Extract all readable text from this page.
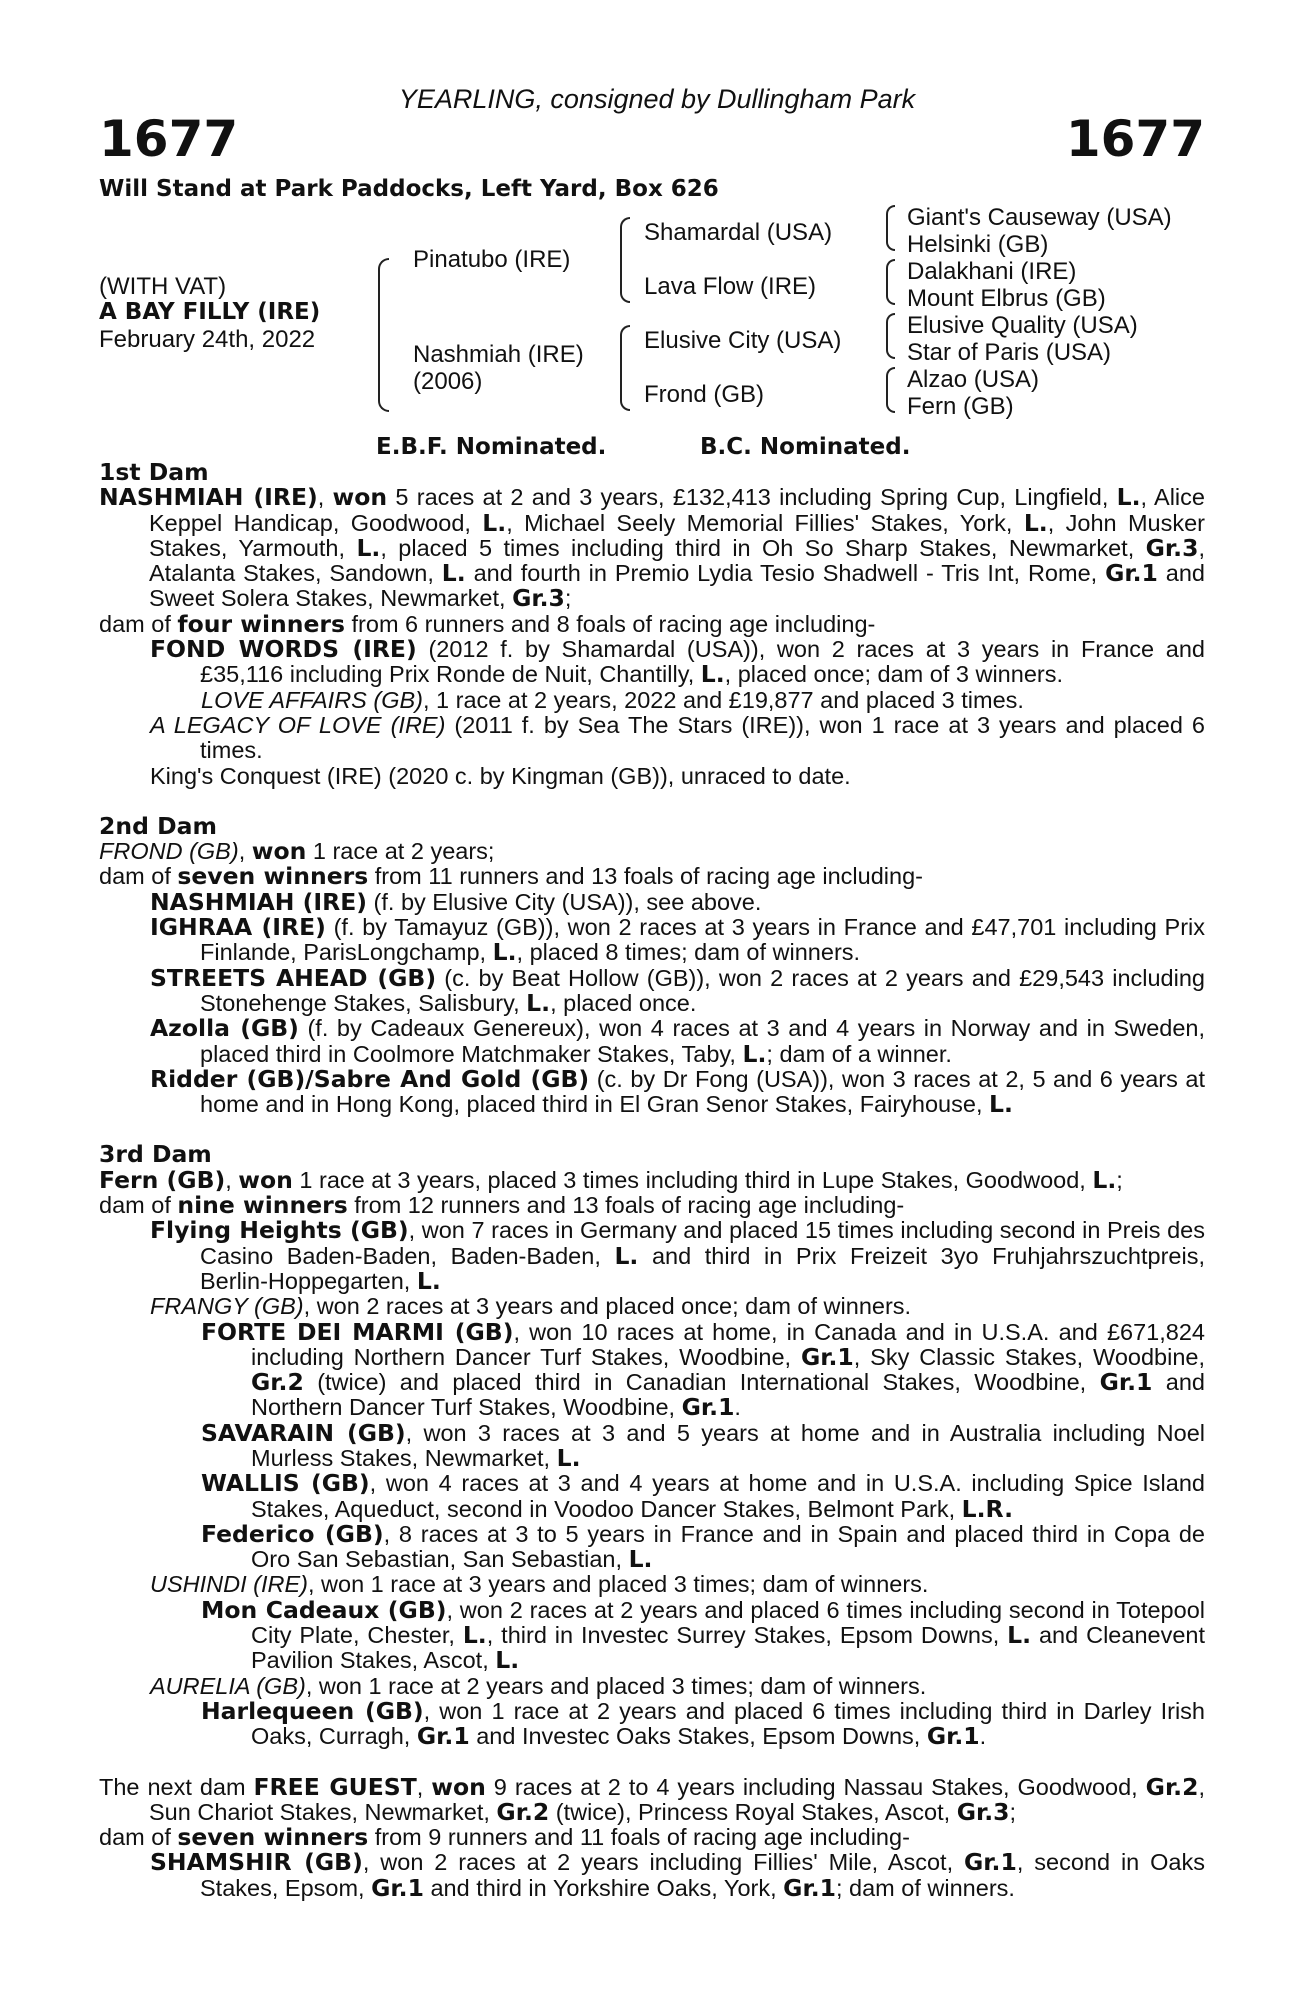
YEARLING, consigned by Dullingham Park
1677	1677
Will Stand at Park Paddocks, Left Yard, Box 626
(WITH VAT)
A BAY FILLY (IRE)
February 24th, 2022
Pinatubo (IRE)
Nashmiah (IRE)
(2006)
Shamardal (USA)
Lava Flow (IRE)
Elusive City (USA)
Frond (GB)
Giant's Causeway (USA)
Helsinki (GB)
Dalakhani (IRE)
Mount Elbrus (GB)
Elusive Quality (USA)
Star of Paris (USA)
Alzao (USA)
Fern (GB)
E.B.F. Nominated.	B.C. Nominated.

1st Dam

NASHMIAH (IRE), won 5 races at 2 and 3 years, £132,413 including Spring Cup, Lingfield, L., Alice Keppel Handicap, Goodwood, L., Michael Seely Memorial Fillies' Stakes, York, L., John Musker Stakes, Yarmouth, L., placed 5 times including third in Oh So Sharp Stakes, Newmarket, Gr.3, Atalanta Stakes, Sandown, L. and fourth in Premio Lydia Tesio Shadwell - Tris Int, Rome, Gr.1 and Sweet Solera Stakes, Newmarket, Gr.3;

dam of four winners from 6 runners and 8 foals of racing age including-

FOND WORDS (IRE) (2012 f. by Shamardal (USA)), won 2 races at 3 years in France and £35,116 including Prix Ronde de Nuit, Chantilly, L., placed once; dam of 3 winners.

LOVE AFFAIRS (GB), 1 race at 2 years, 2022 and £19,877 and placed 3 times.

A LEGACY OF LOVE (IRE) (2011 f. by Sea The Stars (IRE)), won 1 race at 3 years and placed 6 times.

King's Conquest (IRE) (2020 c. by Kingman (GB)), unraced to date.

2nd Dam

FROND (GB), won 1 race at 2 years;

dam of seven winners from 11 runners and 13 foals of racing age including-

NASHMIAH (IRE) (f. by Elusive City (USA)), see above.

IGHRAA (IRE) (f. by Tamayuz (GB)), won 2 races at 3 years in France and £47,701 including Prix Finlande, ParisLongchamp, L., placed 8 times; dam of winners.

STREETS AHEAD (GB) (c. by Beat Hollow (GB)), won 2 races at 2 years and £29,543 including Stonehenge Stakes, Salisbury, L., placed once.

Azolla (GB) (f. by Cadeaux Genereux), won 4 races at 3 and 4 years in Norway and in Sweden, placed third in Coolmore Matchmaker Stakes, Taby, L.; dam of a winner.

Ridder (GB)/Sabre And Gold (GB) (c. by Dr Fong (USA)), won 3 races at 2, 5 and 6 years at home and in Hong Kong, placed third in El Gran Senor Stakes, Fairyhouse, L.

3rd Dam

Fern (GB), won 1 race at 3 years, placed 3 times including third in Lupe Stakes, Goodwood, L.;

dam of nine winners from 12 runners and 13 foals of racing age including-

Flying Heights (GB), won 7 races in Germany and placed 15 times including second in Preis des Casino Baden-Baden, Baden-Baden, L. and third in Prix Freizeit 3yo Fruhjahrszuchtpreis, Berlin-Hoppegarten, L.

FRANGY (GB), won 2 races at 3 years and placed once; dam of winners.

FORTE DEI MARMI (GB), won 10 races at home, in Canada and in U.S.A. and £671,824 including Northern Dancer Turf Stakes, Woodbine, Gr.1, Sky Classic Stakes, Woodbine, Gr.2 (twice) and placed third in Canadian International Stakes, Woodbine, Gr.1 and Northern Dancer Turf Stakes, Woodbine, Gr.1.

SAVARAIN (GB), won 3 races at 3 and 5 years at home and in Australia including Noel Murless Stakes, Newmarket, L.

WALLIS (GB), won 4 races at 3 and 4 years at home and in U.S.A. including Spice Island Stakes, Aqueduct, second in Voodoo Dancer Stakes, Belmont Park, L.R.

Federico (GB), 8 races at 3 to 5 years in France and in Spain and placed third in Copa de Oro San Sebastian, San Sebastian, L.

USHINDI (IRE), won 1 race at 3 years and placed 3 times; dam of winners.

Mon Cadeaux (GB), won 2 races at 2 years and placed 6 times including second in Totepool City Plate, Chester, L., third in Investec Surrey Stakes, Epsom Downs, L. and Cleanevent Pavilion Stakes, Ascot, L.

AURELIA (GB), won 1 race at 2 years and placed 3 times; dam of winners.

Harlequeen (GB), won 1 race at 2 years and placed 6 times including third in Darley Irish Oaks, Curragh, Gr.1 and Investec Oaks Stakes, Epsom Downs, Gr.1.

The next dam FREE GUEST, won 9 races at 2 to 4 years including Nassau Stakes, Goodwood, Gr.2, Sun Chariot Stakes, Newmarket, Gr.2 (twice), Princess Royal Stakes, Ascot, Gr.3;

dam of seven winners from 9 runners and 11 foals of racing age including-

SHAMSHIR (GB), won 2 races at 2 years including Fillies' Mile, Ascot, Gr.1, second in Oaks Stakes, Epsom, Gr.1 and third in Yorkshire Oaks, York, Gr.1; dam of winners.
